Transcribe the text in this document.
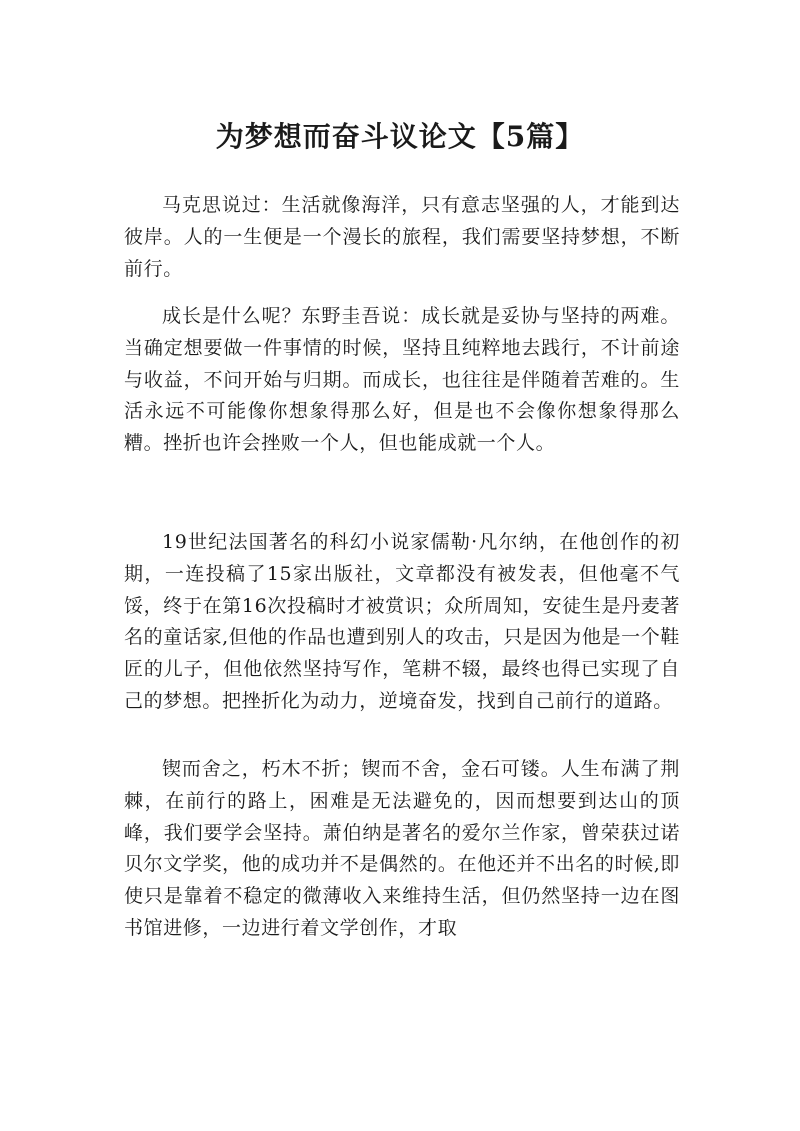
为梦想而奋斗议论文【5篇】

马克思说过：生活就像海洋，只有意志坚强的人，才能到达彼岸。人的一生便是一个漫长的旅程，我们需要坚持梦想，不断前行。

成长是什么呢？东野圭吾说：成长就是妥协与坚持的两难。当确定想要做一件事情的时候，坚持且纯粹地去践行，不计前途与收益，不问开始与归期。而成长，也往往是伴随着苦难的。生活永远不可能像你想象得那么好，但是也不会像你想象得那么糟。挫折也许会挫败一个人，但也能成就一个人。

19世纪法国著名的科幻小说家儒勒·凡尔纳，在他创作的初期，一连投稿了15家出版社，文章都没有被发表，但他毫不气馁，终于在第16次投稿时才被赏识；众所周知，安徒生是丹麦著名的童话家,但他的作品也遭到别人的攻击，只是因为他是一个鞋匠的儿子，但他依然坚持写作，笔耕不辍，最终也得已实现了自己的梦想。把挫折化为动力，逆境奋发，找到自己前行的道路。

锲而舍之，朽木不折；锲而不舍，金石可镂。人生布满了荆棘，在前行的路上，困难是无法避免的，因而想要到达山的顶峰，我们要学会坚持。萧伯纳是著名的爱尔兰作家，曾荣获过诺贝尔文学奖，他的成功并不是偶然的。在他还并不出名的时候,即使只是靠着不稳定的微薄收入来维持生活，但仍然坚持一边在图书馆进修，一边进行着文学创作，才取
